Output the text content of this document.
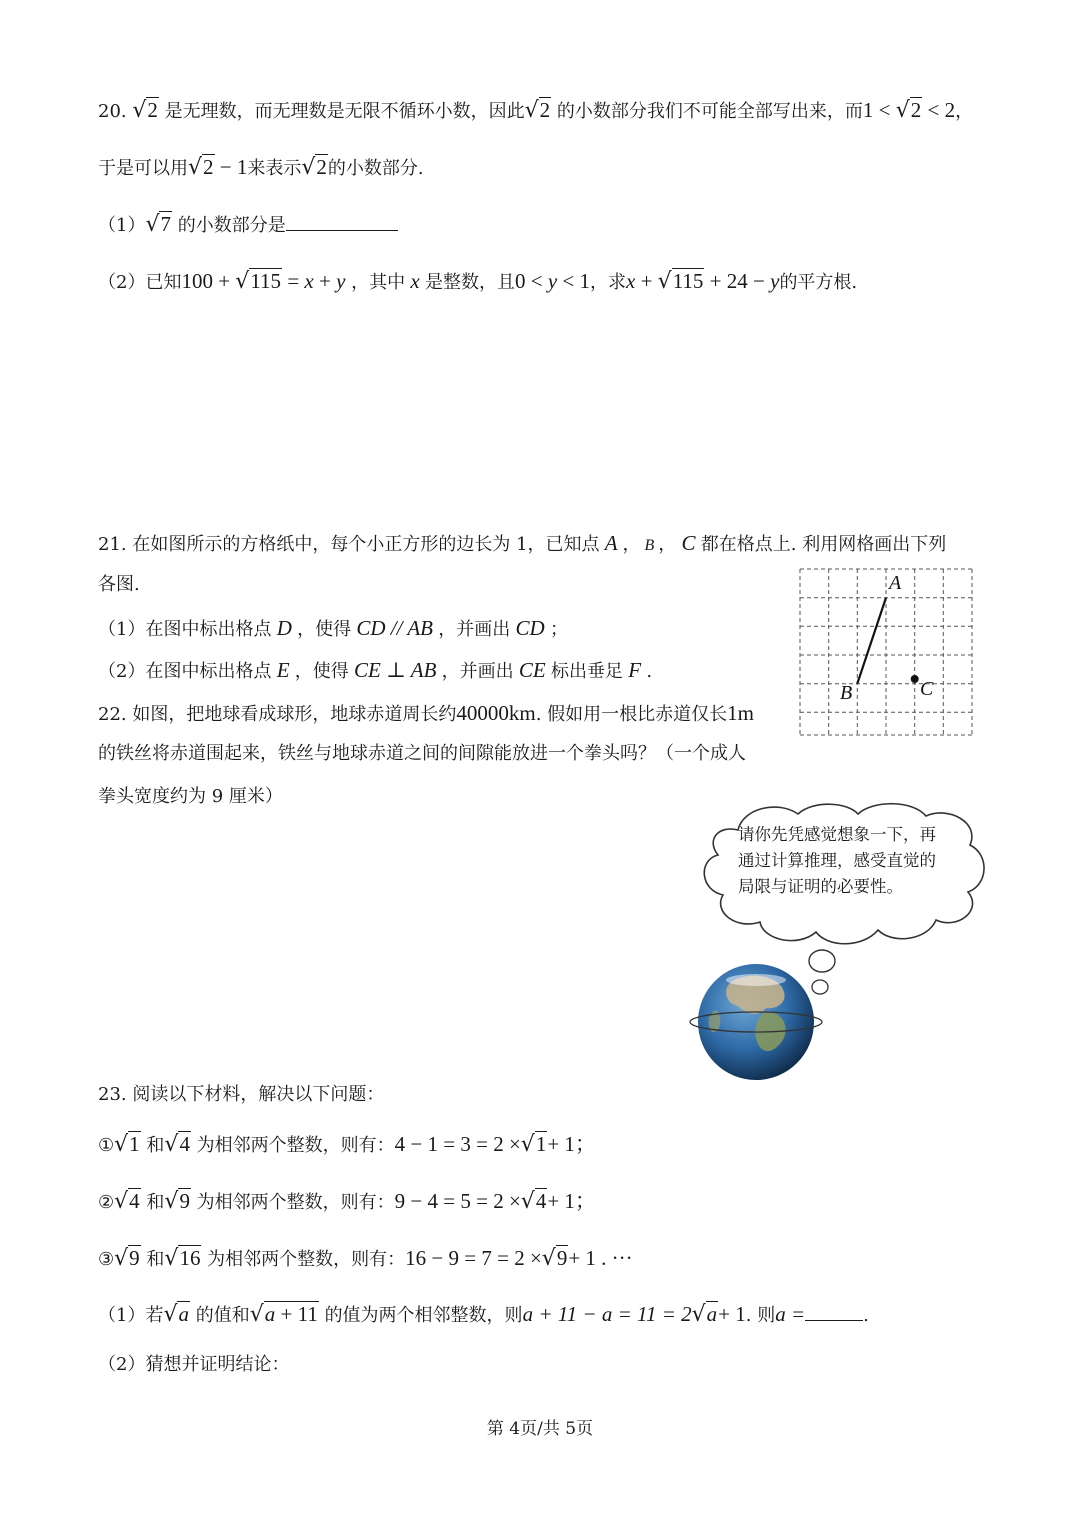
20. √2 是无理数，而无理数是无限不循环小数，因此√2 的小数部分我们不可能全部写出来，而1 < √2 < 2，
于是可以用√2 − 1来表示√2的小数部分.
（1）√7 的小数部分是
（2）已知100 + √115 = x + y ，其中 x 是整数，且0 < y < 1，求x + √115 + 24 − y的平方根.
21. 在如图所示的方格纸中，每个小正方形的边长为 1，已知点 A ， B ， C 都在格点上. 利用网格画出下列
各图.
（1）在图中标出格点 D ，使得 CD // AB ，并画出 CD ；
（2）在图中标出格点 E ，使得 CE ⊥ AB ，并画出 CE 标出垂足 F .
A
B	C
22. 如图，把地球看成球形，地球赤道周长约40000km. 假如用一根比赤道仅长1m
的铁丝将赤道围起来，铁丝与地球赤道之间的间隙能放进一个拳头吗？（一个成人
拳头宽度约为 9 厘米）
请你先凭感觉想象一下，再
通过计算推理，感受直觉的
局限与证明的必要性。
23. 阅读以下材料，解决以下问题：
①√1 和√4 为相邻两个整数，则有：4 − 1 = 3 = 2 ×√1+ 1；
②√4 和√9 为相邻两个整数，则有：9 − 4 = 5 = 2 ×√4+ 1；
③√9 和√16 为相邻两个整数，则有：16 − 9 = 7 = 2 ×√9+ 1 . ···
（1）若√a 的值和√a + 11 的值为两个相邻整数，则a + 11 − a = 11 = 2√a+ 1. 则a =	.
（2）猜想并证明结论：
第 4页/共 5页
